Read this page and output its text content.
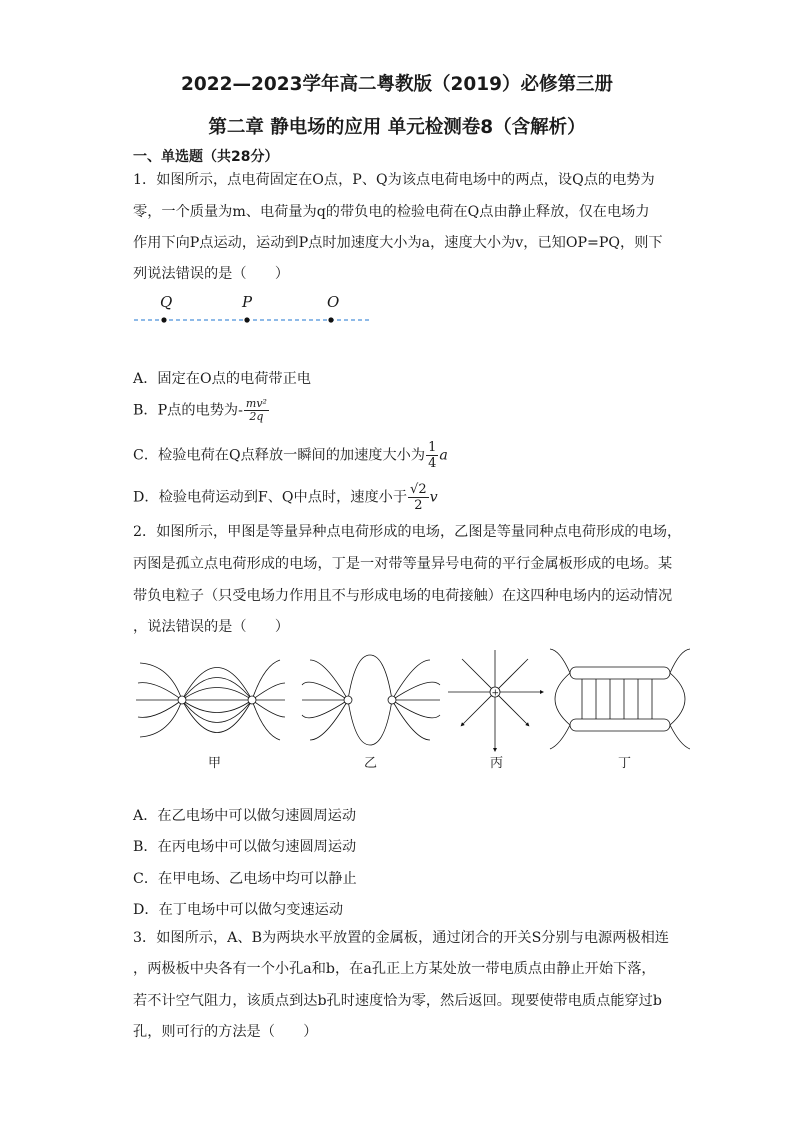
2022—2023学年高二粤教版（2019）必修第三册
第二章 静电场的应用 单元检测卷8（含解析）
一、单选题（共28分）
1．如图所示，点电荷固定在O点，P、Q为该点电荷电场中的两点，设Q点的电势为
零，一个质量为m、电荷量为q的带负电的检验电荷在Q点由静止释放，仅在电场力
作用下向P点运动，运动到P点时加速度大小为a，速度大小为v，已知OP=PQ，则下
列说法错误的是（　　）
Q	P	O
A．固定在O点的电荷带正电
B．P点的电势为- $\frac{\text{mv²}}{2q}$
C．检验电荷在Q点释放一瞬间的加速度大小为 $\frac{1}{4}$ a
D．检验电荷运动到F、Q中点时，速度小于 $\frac{√2}{2}$ v
2．如图所示，甲图是等量异种点电荷形成的电场，乙图是等量同种点电荷形成的电场，
丙图是孤立点电荷形成的电场，丁是一对带等量异号电荷的平行金属板形成的电场。某
带负电粒子（只受电场力作用且不与形成电场的电荷接触）在这四种电场内的运动情况
，说法错误的是（　　）
+
甲	乙	丙	丁
A．在乙电场中可以做匀速圆周运动
B．在丙电场中可以做匀速圆周运动
C．在甲电场、乙电场中均可以静止
D．在丁电场中可以做匀变速运动
3．如图所示，A、B为两块水平放置的金属板，通过闭合的开关S分别与电源两极相连
，两极板中央各有一个小孔a和b，在a孔正上方某处放一带电质点由静止开始下落，
若不计空气阻力，该质点到达b孔时速度恰为零，然后返回。现要使带电质点能穿过b
孔，则可行的方法是（　　）
